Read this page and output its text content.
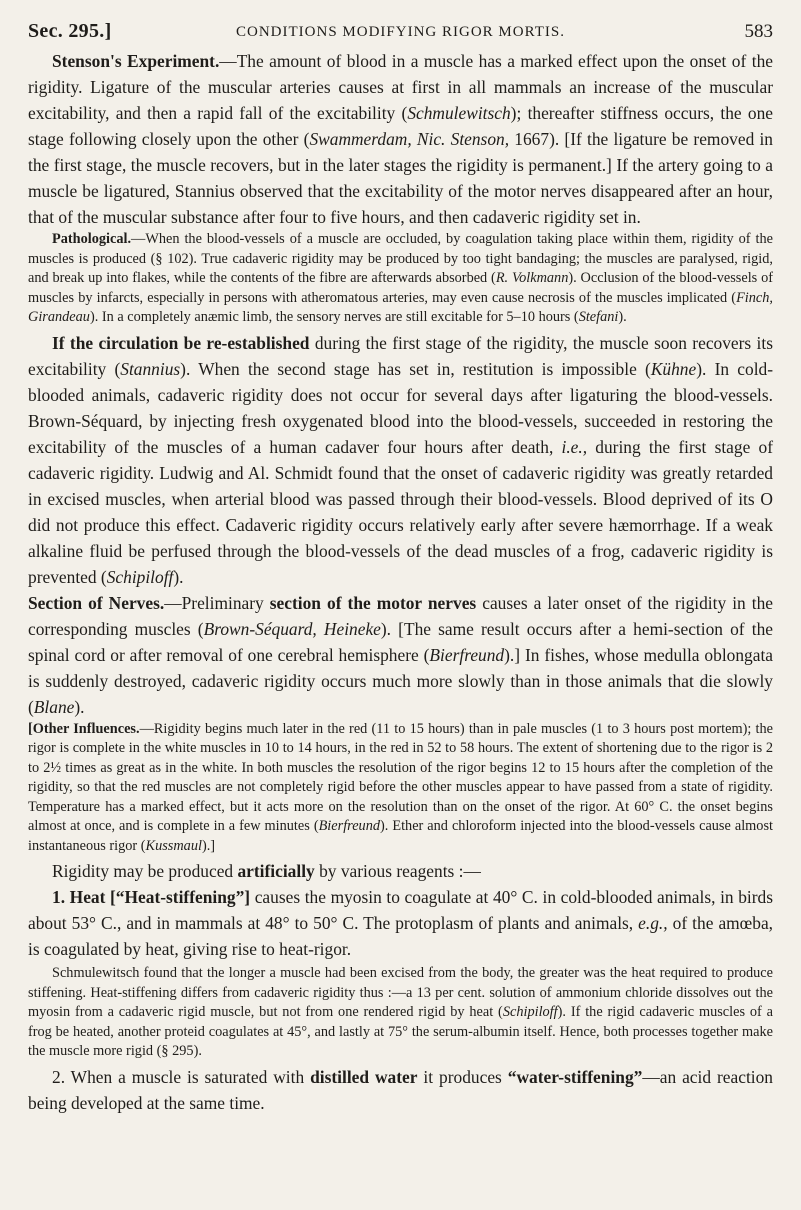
Sec. 295.]	CONDITIONS MODIFYING RIGOR MORTIS.	583

Stenson's Experiment.—The amount of blood in a muscle has a marked effect upon the onset of the rigidity. Ligature of the muscular arteries causes at first in all mammals an increase of the muscular excitability, and then a rapid fall of the excitability (Schmulewitsch); thereafter stiffness occurs, the one stage following closely upon the other (Swammerdam, Nic. Stenson, 1667). [If the ligature be removed in the first stage, the muscle recovers, but in the later stages the rigidity is permanent.] If the artery going to a muscle be ligatured, Stannius observed that the excitability of the motor nerves disappeared after an hour, that of the muscular substance after four to five hours, and then cadaveric rigidity set in.

Pathological.—When the blood-vessels of a muscle are occluded, by coagulation taking place within them, rigidity of the muscles is produced (§ 102). True cadaveric rigidity may be produced by too tight bandaging; the muscles are paralysed, rigid, and break up into flakes, while the contents of the fibre are afterwards absorbed (R. Volkmann). Occlusion of the blood-vessels of muscles by infarcts, especially in persons with atheromatous arteries, may even cause necrosis of the muscles implicated (Finch, Girandeau). In a completely anæmic limb, the sensory nerves are still excitable for 5–10 hours (Stefani).

If the circulation be re-established during the first stage of the rigidity, the muscle soon recovers its excitability (Stannius). When the second stage has set in, restitution is impossible (Kühne). In cold-blooded animals, cadaveric rigidity does not occur for several days after ligaturing the blood-vessels. Brown-Séquard, by injecting fresh oxygenated blood into the blood-vessels, succeeded in restoring the excitability of the muscles of a human cadaver four hours after death, i.e., during the first stage of cadaveric rigidity. Ludwig and Al. Schmidt found that the onset of cadaveric rigidity was greatly retarded in excised muscles, when arterial blood was passed through their blood-vessels. Blood deprived of its O did not produce this effect. Cadaveric rigidity occurs relatively early after severe hæmorrhage. If a weak alkaline fluid be perfused through the blood-vessels of the dead muscles of a frog, cadaveric rigidity is prevented (Schipiloff).

Section of Nerves.—Preliminary section of the motor nerves causes a later onset of the rigidity in the corresponding muscles (Brown-Séquard, Heineke). [The same result occurs after a hemi-section of the spinal cord or after removal of one cerebral hemisphere (Bierfreund).] In fishes, whose medulla oblongata is suddenly destroyed, cadaveric rigidity occurs much more slowly than in those animals that die slowly (Blane).

[Other Influences.—Rigidity begins much later in the red (11 to 15 hours) than in pale muscles (1 to 3 hours post mortem); the rigor is complete in the white muscles in 10 to 14 hours, in the red in 52 to 58 hours. The extent of shortening due to the rigor is 2 to 2½ times as great as in the white. In both muscles the resolution of the rigor begins 12 to 15 hours after the completion of the rigidity, so that the red muscles are not completely rigid before the other muscles appear to have passed from a state of rigidity. Temperature has a marked effect, but it acts more on the resolution than on the onset of the rigor. At 60° C. the onset begins almost at once, and is complete in a few minutes (Bierfreund). Ether and chloroform injected into the blood-vessels cause almost instantaneous rigor (Kussmaul).]

Rigidity may be produced artificially by various reagents :—

1. Heat [“Heat-stiffening”] causes the myosin to coagulate at 40° C. in cold-blooded animals, in birds about 53° C., and in mammals at 48° to 50° C. The protoplasm of plants and animals, e.g., of the amœba, is coagulated by heat, giving rise to heat-rigor.

Schmulewitsch found that the longer a muscle had been excised from the body, the greater was the heat required to produce stiffening. Heat-stiffening differs from cadaveric rigidity thus :—a 13 per cent. solution of ammonium chloride dissolves out the myosin from a cadaveric rigid muscle, but not from one rendered rigid by heat (Schipiloff). If the rigid cadaveric muscles of a frog be heated, another proteid coagulates at 45°, and lastly at 75° the serum-albumin itself. Hence, both processes together make the muscle more rigid (§ 295).

2. When a muscle is saturated with distilled water it produces “water-stiffening”—an acid reaction being developed at the same time.
